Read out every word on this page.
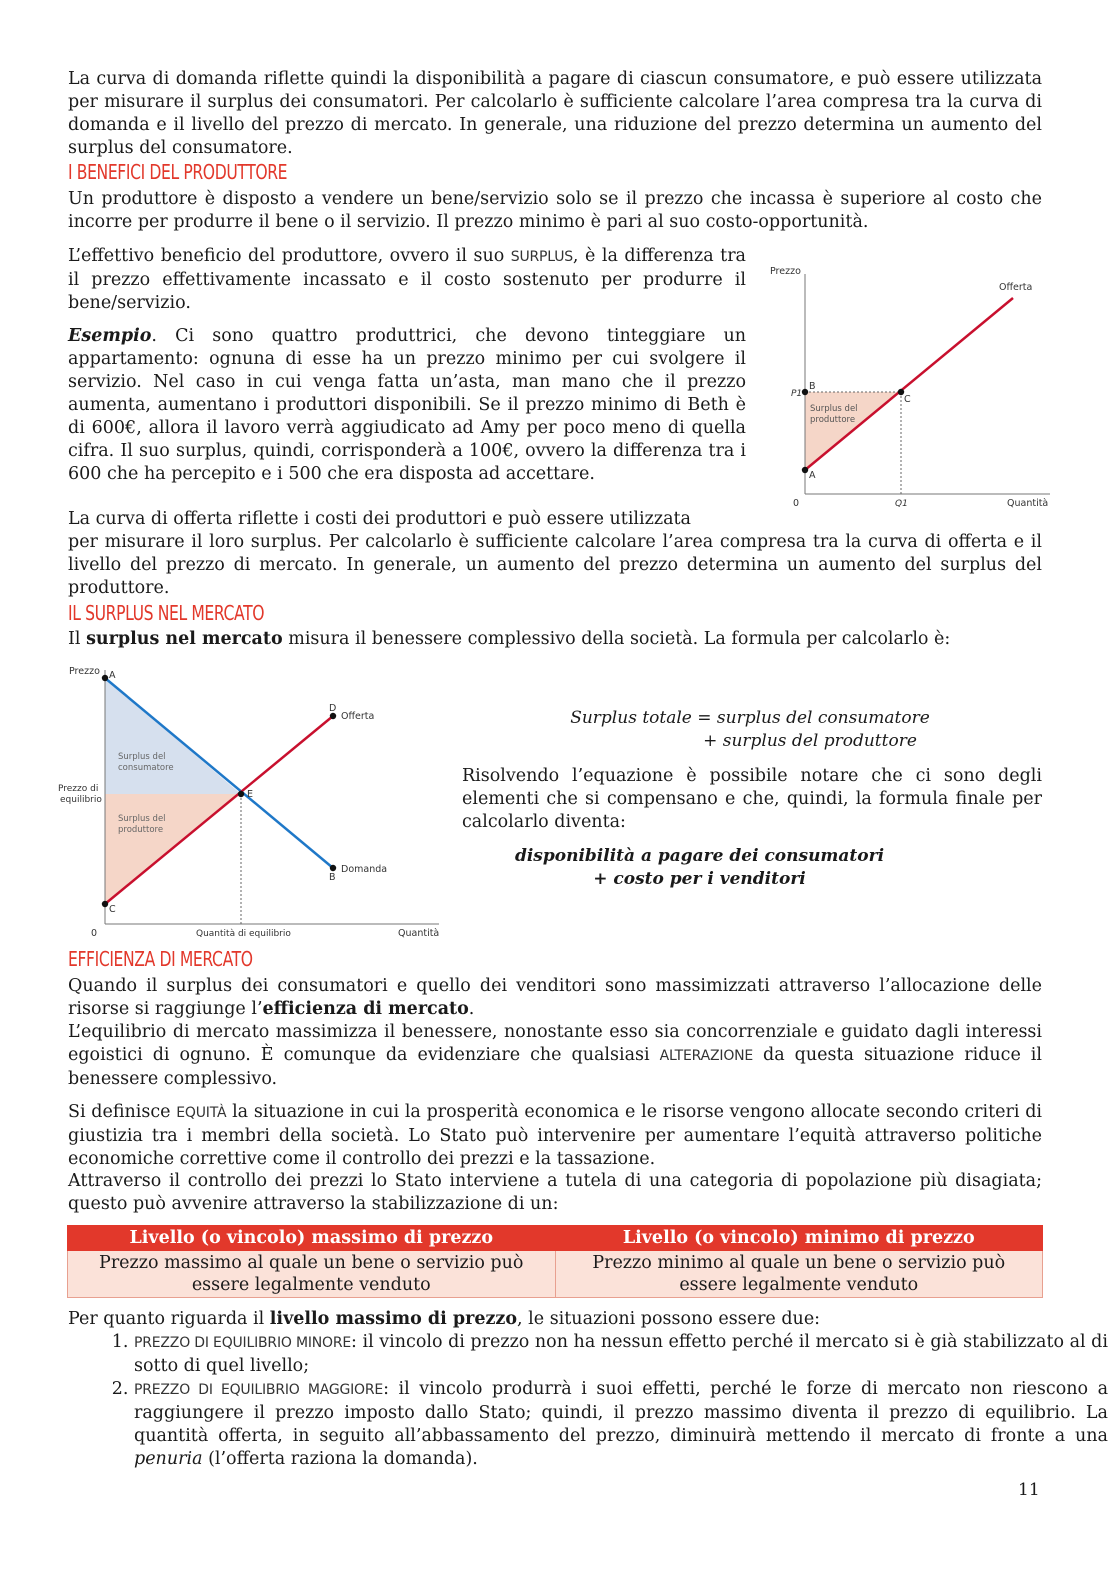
La curva di domanda riflette quindi la disponibilità a pagare di ciascun consumatore, e può essere utilizzata per misurare il surplus dei consumatori. Per calcolarlo è sufficiente calcolare l’area compresa tra la curva di domanda e il livello del prezzo di mercato. In generale, una riduzione del prezzo determina un aumento del surplus del consumatore.

I BENEFICI DEL PRODUTTORE

Un produttore è disposto a vendere un bene/servizio solo se il prezzo che incassa è superiore al costo che incorre per produrre il bene o il servizio. Il prezzo minimo è pari al suo costo-opportunità.

L’effettivo beneficio del produttore, ovvero il suo SURPLUS, è la differenza tra il prezzo effettivamente incassato e il costo sostenuto per produrre il bene/servizio.

Esempio. Ci sono quattro produttrici, che devono tinteggiare un appartamento: ognuna di esse ha un prezzo minimo per cui svolgere il servizio. Nel caso in cui venga fatta un’asta, man mano che il prezzo aumenta, aumentano i produttori disponibili. Se il prezzo minimo di Beth è di 600€, allora il lavoro verrà aggiudicato ad Amy per poco meno di quella cifra. Il suo surplus, quindi, corrisponderà a 100€, ovvero la differenza tra i 600 che ha percepito e i 500 che era disposta ad accettare.

La curva di offerta riflette i costi dei produttori e può essere utilizzata

per misurare il loro surplus. Per calcolarlo è sufficiente calcolare l’area compresa tra la curva di offerta e il livello del prezzo di mercato. In generale, un aumento del prezzo determina un aumento del surplus del produttore.

Prezzo
Offerta
A
B
C
P1
0	Q1	Quantità
Surplus del
produttore
IL SURPLUS NEL MERCATO

Il surplus nel mercato misura il benessere complessivo della società. La formula per calcolarlo è:

Prezzo A
B
C
D
E
Offerta
Domanda
Prezzo di
equilibrio
0	Quantità di equilibrio	Quantità
Surplus del
consumatore
Surplus del
produttore
Surplus totale = surplus del consumatore
+ surplus del produttore

Risolvendo l’equazione è possibile notare che ci sono degli elementi che si compensano e che, quindi, la formula finale per calcolarlo diventa:

disponibilità a pagare dei consumatori
+ costo per i venditori
EFFICIENZA DI MERCATO

Quando il surplus dei consumatori e quello dei venditori sono massimizzati attraverso l’allocazione delle risorse si raggiunge l’efficienza di mercato.

L’equilibrio di mercato massimizza il benessere, nonostante esso sia concorrenziale e guidato dagli interessi egoistici di ognuno. È comunque da evidenziare che qualsiasi ALTERAZIONE da questa situazione riduce il benessere complessivo.

Si definisce EQUITÀ la situazione in cui la prosperità economica e le risorse vengono allocate secondo criteri di giustizia tra i membri della società. Lo Stato può intervenire per aumentare l’equità attraverso politiche economiche correttive come il controllo dei prezzi e la tassazione.

Attraverso il controllo dei prezzi lo Stato interviene a tutela di una categoria di popolazione più disagiata; questo può avvenire attraverso la stabilizzazione di un:

Livello (o vincolo) massimo di prezzo	Livello (o vincolo) minimo di prezzo
Prezzo massimo al quale un bene o servizio può essere legalmente venduto	Prezzo minimo al quale un bene o servizio può essere legalmente venduto

Per quanto riguarda il livello massimo di prezzo, le situazioni possono essere due:

1. PREZZO DI EQUILIBRIO MINORE: il vincolo di prezzo non ha nessun effetto perché il mercato si è già stabilizzato al di sotto di quel livello;
2. PREZZO DI EQUILIBRIO MAGGIORE: il vincolo produrrà i suoi effetti, perché le forze di mercato non riescono a raggiungere il prezzo imposto dallo Stato; quindi, il prezzo massimo diventa il prezzo di equilibrio. La quantità offerta, in seguito all’abbassamento del prezzo, diminuirà mettendo il mercato di fronte a una penuria (l’offerta raziona la domanda).
11
